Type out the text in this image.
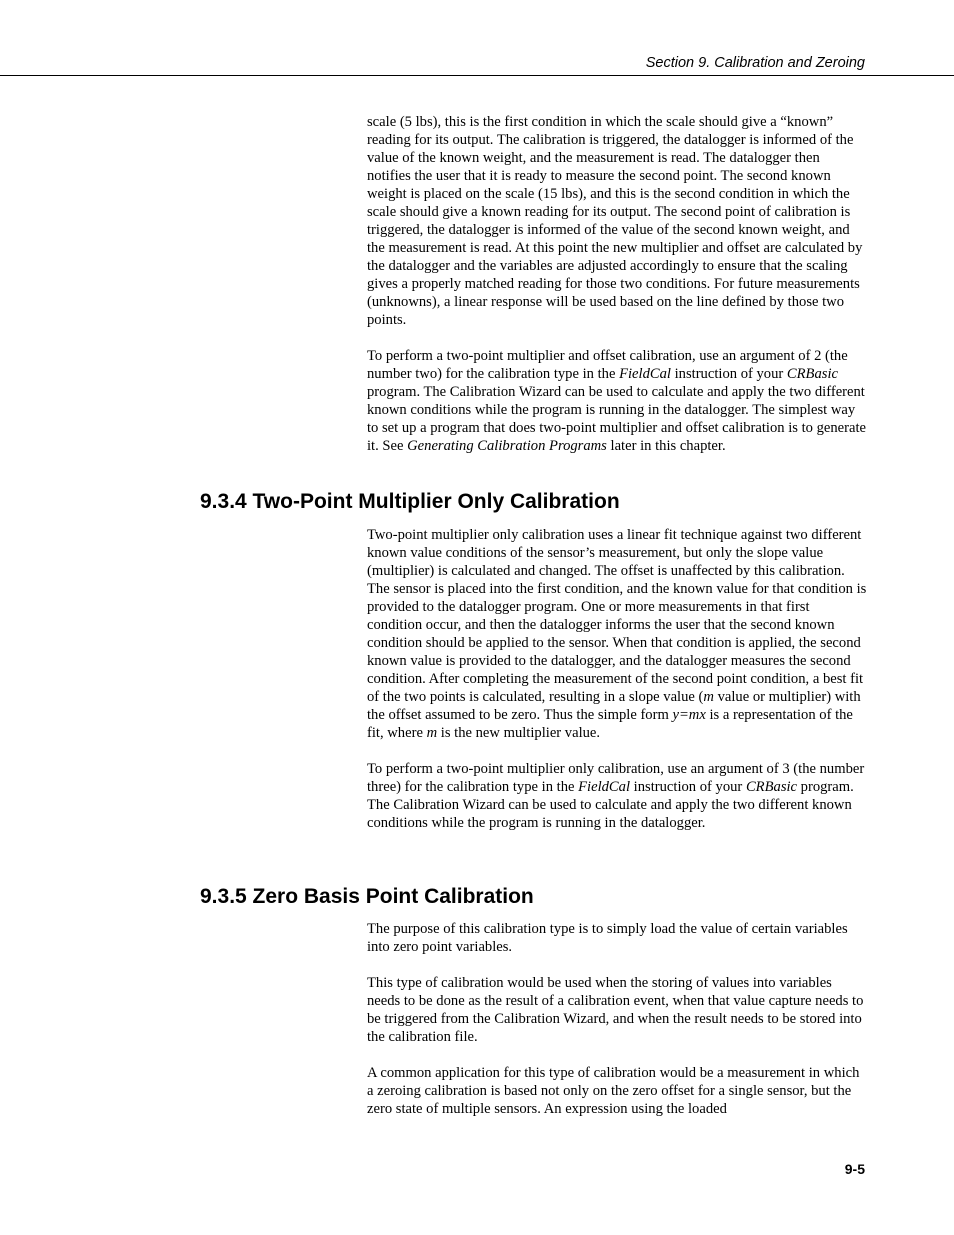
Section 9. Calibration and Zeroing

scale (5 lbs), this is the first condition in which the scale should give a “known” reading for its output. The calibration is triggered, the datalogger is informed of the value of the known weight, and the measurement is read. The datalogger then notifies the user that it is ready to measure the second point. The second known weight is placed on the scale (15 lbs), and this is the second condition in which the scale should give a known reading for its output. The second point of calibration is triggered, the datalogger is informed of the value of the second known weight, and the measurement is read. At this point the new multiplier and offset are calculated by the datalogger and the variables are adjusted accordingly to ensure that the scaling gives a properly matched reading for those two conditions. For future measurements (unknowns), a linear response will be used based on the line defined by those two points.

To perform a two-point multiplier and offset calibration, use an argument of 2 (the number two) for the calibration type in the FieldCal instruction of your CRBasic program. The Calibration Wizard can be used to calculate and apply the two different known conditions while the program is running in the datalogger. The simplest way to set up a program that does two-point multiplier and offset calibration is to generate it. See Generating Calibration Programs later in this chapter.

9.3.4 Two-Point Multiplier Only Calibration

Two-point multiplier only calibration uses a linear fit technique against two different known value conditions of the sensor’s measurement, but only the slope value (multiplier) is calculated and changed. The offset is unaffected by this calibration. The sensor is placed into the first condition, and the known value for that condition is provided to the datalogger program. One or more measurements in that first condition occur, and then the datalogger informs the user that the second known condition should be applied to the sensor. When that condition is applied, the second known value is provided to the datalogger, and the datalogger measures the second condition. After completing the measurement of the second point condition, a best fit of the two points is calculated, resulting in a slope value (m value or multiplier) with the offset assumed to be zero. Thus the simple form y=mx is a representation of the fit, where m is the new multiplier value.

To perform a two-point multiplier only calibration, use an argument of 3 (the number three) for the calibration type in the FieldCal instruction of your CRBasic program. The Calibration Wizard can be used to calculate and apply the two different known conditions while the program is running in the datalogger.

9.3.5 Zero Basis Point Calibration

The purpose of this calibration type is to simply load the value of certain variables into zero point variables.

This type of calibration would be used when the storing of values into variables needs to be done as the result of a calibration event, when that value capture needs to be triggered from the Calibration Wizard, and when the result needs to be stored into the calibration file.

A common application for this type of calibration would be a measurement in which a zeroing calibration is based not only on the zero offset for a single sensor, but the zero state of multiple sensors. An expression using the loaded

9-5
